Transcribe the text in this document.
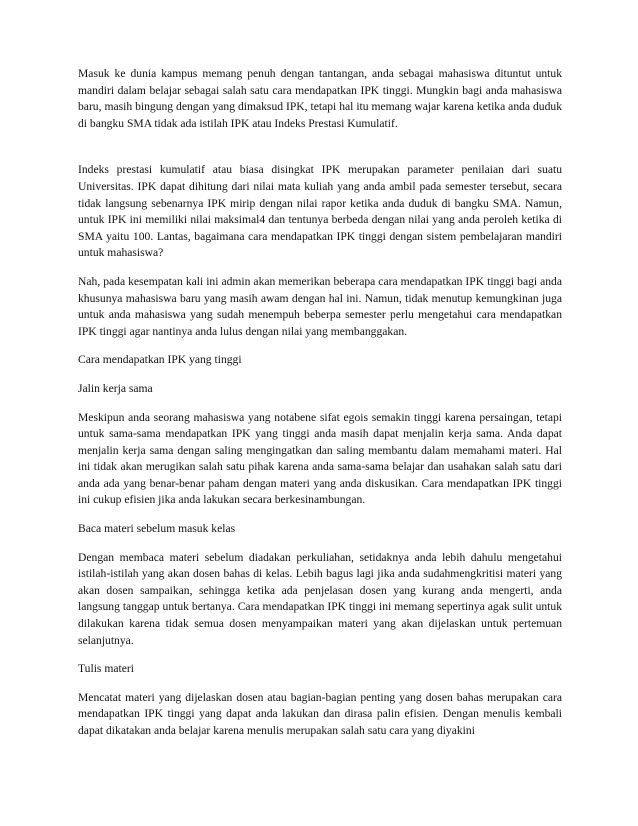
Masuk ke dunia kampus memang penuh dengan tantangan, anda sebagai mahasiswa dituntut untuk mandiri dalam belajar sebagai salah satu cara mendapatkan IPK tinggi. Mungkin bagi anda mahasiswa baru, masih bingung dengan yang dimaksud IPK, tetapi hal itu memang wajar karena ketika anda duduk di bangku SMA tidak ada istilah IPK atau Indeks Prestasi Kumulatif.

Indeks prestasi kumulatif atau biasa disingkat IPK merupakan parameter penilaian dari suatu Universitas. IPK dapat dihitung dari nilai mata kuliah yang anda ambil pada semester tersebut, secara tidak langsung sebenarnya IPK mirip dengan nilai rapor ketika anda duduk di bangku SMA. Namun, untuk IPK ini memiliki nilai maksimal4 dan tentunya berbeda dengan nilai yang anda peroleh ketika di SMA yaitu 100. Lantas, bagaimana cara mendapatkan IPK tinggi dengan sistem pembelajaran mandiri untuk mahasiswa?

Nah, pada kesempatan kali ini admin akan memerikan beberapa cara mendapatkan IPK tinggi bagi anda khusunya mahasiswa baru yang masih awam dengan hal ini. Namun, tidak menutup kemungkinan juga untuk anda mahasiswa yang sudah menempuh beberpa semester perlu mengetahui cara mendapatkan IPK tinggi agar nantinya anda lulus dengan nilai yang membanggakan.

Cara mendapatkan IPK yang tinggi

Jalin kerja sama

Meskipun anda seorang mahasiswa yang notabene sifat egois semakin tinggi karena persaingan, tetapi untuk sama-sama mendapatkan IPK yang tinggi anda masih dapat menjalin kerja sama. Anda dapat menjalin kerja sama dengan saling mengingatkan dan saling membantu dalam memahami materi. Hal ini tidak akan merugikan salah satu pihak karena anda sama-sama belajar dan usahakan salah satu dari anda ada yang benar-benar paham dengan materi yang anda diskusikan. Cara mendapatkan IPK tinggi ini cukup efisien jika anda lakukan secara berkesinambungan.

Baca materi sebelum masuk kelas

Dengan membaca materi sebelum diadakan perkuliahan, setidaknya anda lebih dahulu mengetahui istilah-istilah yang akan dosen bahas di kelas. Lebih bagus lagi jika anda sudahmengkritisi materi yang akan dosen sampaikan, sehingga ketika ada penjelasan dosen yang kurang anda mengerti, anda langsung tanggap untuk bertanya. Cara mendapatkan IPK tinggi ini memang sepertinya agak sulit untuk dilakukan karena tidak semua dosen menyampaikan materi yang akan dijelaskan untuk pertemuan selanjutnya.

Tulis materi

Mencatat materi yang dijelaskan dosen atau bagian-bagian penting yang dosen bahas merupakan cara mendapatkan IPK tinggi yang dapat anda lakukan dan dirasa palin efisien. Dengan menulis kembali dapat dikatakan anda belajar karena menulis merupakan salah satu cara yang diyakini
